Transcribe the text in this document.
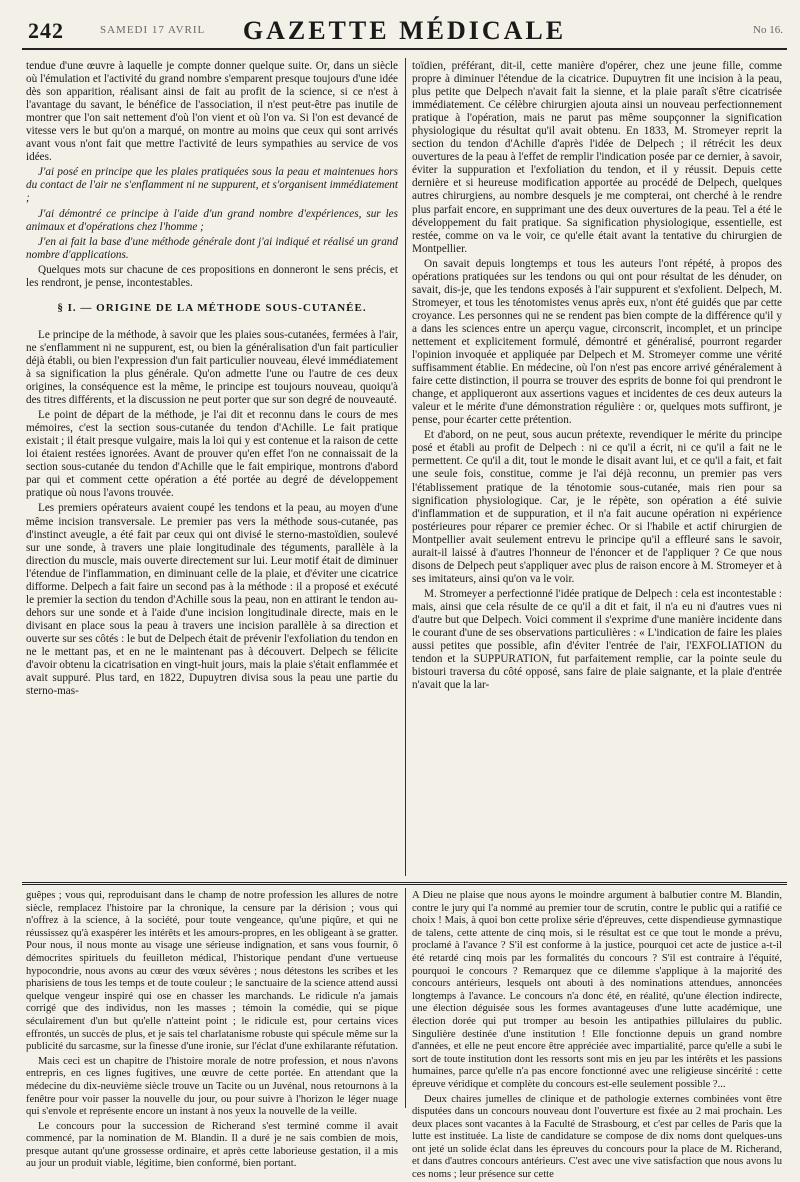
242	SAMEDI 17 AVRIL	GAZETTE MÉDICALE	No 16.

tendue d'une œuvre à laquelle je compte donner quelque suite. Or, dans un siècle où l'émulation et l'activité du grand nombre s'emparent presque toujours d'une idée dès son apparition, réalisant ainsi de fait au profit de la science, si ce n'est à l'avantage du savant, le bénéfice de l'association, il n'est peut-être pas inutile de montrer que l'on sait nettement d'où l'on vient et où l'on va. Si l'on est devancé de vitesse vers le but qu'on a marqué, on montre au moins que ceux qui sont arrivés avant vous n'ont fait que mettre l'activité de leurs sympathies au service de vos idées.

J'ai posé en principe que les plaies pratiquées sous la peau et maintenues hors du contact de l'air ne s'enflamment ni ne suppurent, et s'organisent immédiatement ;

J'ai démontré ce principe à l'aide d'un grand nombre d'expériences, sur les animaux et d'opérations chez l'homme ;

J'en ai fait la base d'une méthode générale dont j'ai indiqué et réalisé un grand nombre d'applications.

Quelques mots sur chacune de ces propositions en donneront le sens précis, et les rendront, je pense, incontestables.

§ I. — ORIGINE DE LA MÉTHODE SOUS-CUTANÉE.

Le principe de la méthode, à savoir que les plaies sous-cutanées, fermées à l'air, ne s'enflamment ni ne suppurent, est, ou bien la généralisation d'un fait particulier déjà établi, ou bien l'expression d'un fait particulier nouveau, élevé immédiatement à sa signification la plus générale. Qu'on admette l'une ou l'autre de ces deux origines, la conséquence est la même, le principe est toujours nouveau, quoiqu'à des titres différents, et la discussion ne peut porter que sur son degré de nouveauté.

Le point de départ de la méthode, je l'ai dit et reconnu dans le cours de mes mémoires, c'est la section sous-cutanée du tendon d'Achille. Le fait pratique existait ; il était presque vulgaire, mais la loi qui y est contenue et la raison de cette loi étaient restées ignorées. Avant de prouver qu'en effet l'on ne connaissait de la section sous-cutanée du tendon d'Achille que le fait empirique, montrons d'abord par qui et comment cette opération a été portée au degré de développement pratique où nous l'avons trouvée.

Les premiers opérateurs avaient coupé les tendons et la peau, au moyen d'une même incision transversale. Le premier pas vers la méthode sous-cutanée, pas d'instinct aveugle, a été fait par ceux qui ont divisé le sterno-mastoïdien, soulevé sur une sonde, à travers une plaie longitudinale des téguments, parallèle à la direction du muscle, mais ouverte directement sur lui. Leur motif était de diminuer l'étendue de l'inflammation, en diminuant celle de la plaie, et d'éviter une cicatrice difforme. Delpech a fait faire un second pas à la méthode : il a proposé et exécuté le premier la section du tendon d'Achille sous la peau, non en attirant le tendon au-dehors sur une sonde et à l'aide d'une incision longitudinale directe, mais en le divisant en place sous la peau à travers une incision parallèle à sa direction et ouverte sur ses côtés : le but de Delpech était de prévenir l'exfoliation du tendon en ne le mettant pas, et en ne le maintenant pas à découvert. Delpech se félicite d'avoir obtenu la cicatrisation en vingt-huit jours, mais la plaie s'était enflammée et avait suppuré. Plus tard, en 1822, Dupuytren divisa sous la peau une partie du sterno-mas-

toïdien, préférant, dit-il, cette manière d'opérer, chez une jeune fille, comme propre à diminuer l'étendue de la cicatrice. Dupuytren fit une incision à la peau, plus petite que Delpech n'avait fait la sienne, et la plaie paraît s'être cicatrisée immédiatement. Ce célèbre chirurgien ajouta ainsi un nouveau perfectionnement pratique à l'opération, mais ne parut pas même soupçonner la signification physiologique du résultat qu'il avait obtenu. En 1833, M. Stromeyer reprit la section du tendon d'Achille d'après l'idée de Delpech ; il rétrécit les deux ouvertures de la peau à l'effet de remplir l'indication posée par ce dernier, à savoir, éviter la suppuration et l'exfoliation du tendon, et il y réussit. Depuis cette dernière et si heureuse modification apportée au procédé de Delpech, quelques autres chirurgiens, au nombre desquels je me compterai, ont cherché à le rendre plus parfait encore, en supprimant une des deux ouvertures de la peau. Tel a été le développement du fait pratique. Sa signification physiologique, essentielle, est restée, comme on va le voir, ce qu'elle était avant la tentative du chirurgien de Montpellier.

On savait depuis longtemps et tous les auteurs l'ont répété, à propos des opérations pratiquées sur les tendons ou qui ont pour résultat de les dénuder, on savait, dis-je, que les tendons exposés à l'air suppurent et s'exfolient. Delpech, M. Stromeyer, et tous les ténotomistes venus après eux, n'ont été guidés que par cette croyance. Les personnes qui ne se rendent pas bien compte de la différence qu'il y a dans les sciences entre un aperçu vague, circonscrit, incomplet, et un principe nettement et explicitement formulé, démontré et généralisé, pourront regarder l'opinion invoquée et appliquée par Delpech et M. Stromeyer comme une vérité suffisamment établie. En médecine, où l'on n'est pas encore arrivé généralement à faire cette distinction, il pourra se trouver des esprits de bonne foi qui prendront le change, et appliqueront aux assertions vagues et incidentes de ces deux auteurs la valeur et le mérite d'une démonstration régulière : or, quelques mots suffiront, je pense, pour écarter cette prétention.

Et d'abord, on ne peut, sous aucun prétexte, revendiquer le mérite du principe posé et établi au profit de Delpech : ni ce qu'il a écrit, ni ce qu'il a fait ne le permettent. Ce qu'il a dit, tout le monde le disait avant lui, et ce qu'il a fait, et fait une seule fois, constitue, comme je l'ai déjà reconnu, un premier pas vers l'établissement pratique de la ténotomie sous-cutanée, mais rien pour sa signification physiologique. Car, je le répète, son opération a été suivie d'inflammation et de suppuration, et il n'a fait aucune opération ni expérience postérieures pour réparer ce premier échec. Or si l'habile et actif chirurgien de Montpellier avait seulement entrevu le principe qu'il a effleuré sans le savoir, aurait-il laissé à d'autres l'honneur de l'énoncer et de l'appliquer ? Ce que nous disons de Delpech peut s'appliquer avec plus de raison encore à M. Stromeyer et à ses imitateurs, ainsi qu'on va le voir.

M. Stromeyer a perfectionné l'idée pratique de Delpech : cela est incontestable : mais, ainsi que cela résulte de ce qu'il a dit et fait, il n'a eu ni d'autres vues ni d'autre but que Delpech. Voici comment il s'exprime d'une manière incidente dans le courant d'une de ses observations particulières : « L'indication de faire les plaies aussi petites que possible, afin d'éviter l'entrée de l'air, l'EXFOLIATION du tendon et la SUPPURATION, fut parfaitement remplie, car la pointe seule du bistouri traversa du côté opposé, sans faire de plaie saignante, et la plaie d'entrée n'avait que la lar-

guêpes ; vous qui, reproduisant dans le champ de notre profession les allures de notre siècle, remplacez l'histoire par la chronique, la censure par la dérision ; vous qui n'offrez à la science, à la société, pour toute vengeance, qu'une piqûre, et qui ne réussissez qu'à exaspérer les intérêts et les amours-propres, en les obligeant à se gratter. Pour nous, il nous monte au visage une sérieuse indignation, et sans vous fournir, ô démocrites spirituels du feuilleton médical, l'historique pendant d'une vertueuse hypocondrie, nous avons au cœur des vœux sévères ; nous détestons les scribes et les pharisiens de tous les temps et de toute couleur ; le sanctuaire de la science attend aussi quelque vengeur inspiré qui ose en chasser les marchands. Le ridicule n'a jamais corrigé que des individus, non les masses ; témoin la comédie, qui se pique séculairement d'un but qu'elle n'atteint point ; le ridicule est, pour certains vices effrontés, un succès de plus, et je sais tel charlatanisme robuste qui spécule même sur la publicité du sarcasme, sur la finesse d'une ironie, sur l'éclat d'une exhilarante réfutation.

Mais ceci est un chapitre de l'histoire morale de notre profession, et nous n'avons entrepris, en ces lignes fugitives, une œuvre de cette portée. En attendant que la médecine du dix-neuvième siècle trouve un Tacite ou un Juvénal, nous retournons à la fenêtre pour voir passer la nouvelle du jour, ou pour suivre à l'horizon le léger nuage qui s'envole et représente encore un instant à nos yeux la nouvelle de la veille.

Le concours pour la succession de Richerand s'est terminé comme il avait commencé, par la nomination de M. Blandin. Il a duré je ne sais combien de mois, presque autant qu'une grossesse ordinaire, et après cette laborieuse gestation, il a mis au jour un produit viable, légitime, bien conformé, bien portant.

A Dieu ne plaise que nous ayons le moindre argument à balbutier contre M. Blandin, contre le jury qui l'a nommé au premier tour de scrutin, contre le public qui a ratifié ce choix ! Mais, à quoi bon cette prolixe série d'épreuves, cette dispendieuse gymnastique de talens, cette attente de cinq mois, si le résultat est ce que tout le monde a prévu, proclamé à l'avance ? S'il est conforme à la justice, pourquoi cet acte de justice a-t-il été retardé cinq mois par les formalités du concours ? S'il est contraire à l'équité, pourquoi le concours ? Remarquez que ce dilemme s'applique à la majorité des concours antérieurs, lesquels ont abouti à des nominations attendues, annoncées longtemps à l'avance. Le concours n'a donc été, en réalité, qu'une élection indirecte, une élection déguisée sous les formes avantageuses d'une lutte académique, une élection dorée qui put tromper au besoin les antipathies pillulaires du public. Singulière destinée d'une institution ! Elle fonctionne depuis un grand nombre d'années, et elle ne peut encore être appréciée avec impartialité, parce qu'elle a subi le sort de toute institution dont les ressorts sont mis en jeu par les intérêts et les passions humaines, parce qu'elle n'a pas encore fonctionné avec une religieuse sincérité : cette épreuve véridique et complète du concours est-elle seulement possible ?...

Deux chaires jumelles de clinique et de pathologie externes combinées vont être disputées dans un concours nouveau dont l'ouverture est fixée au 2 mai prochain. Les deux places sont vacantes à la Faculté de Strasbourg, et c'est par celles de Paris que la lutte est instituée. La liste de candidature se compose de dix noms dont quelques-uns ont jeté un solide éclat dans les épreuves du concours pour la place de M. Richerand, et dans d'autres concours antérieurs. C'est avec une vive satisfaction que nous avons lu ces noms ; leur présence sur cette
